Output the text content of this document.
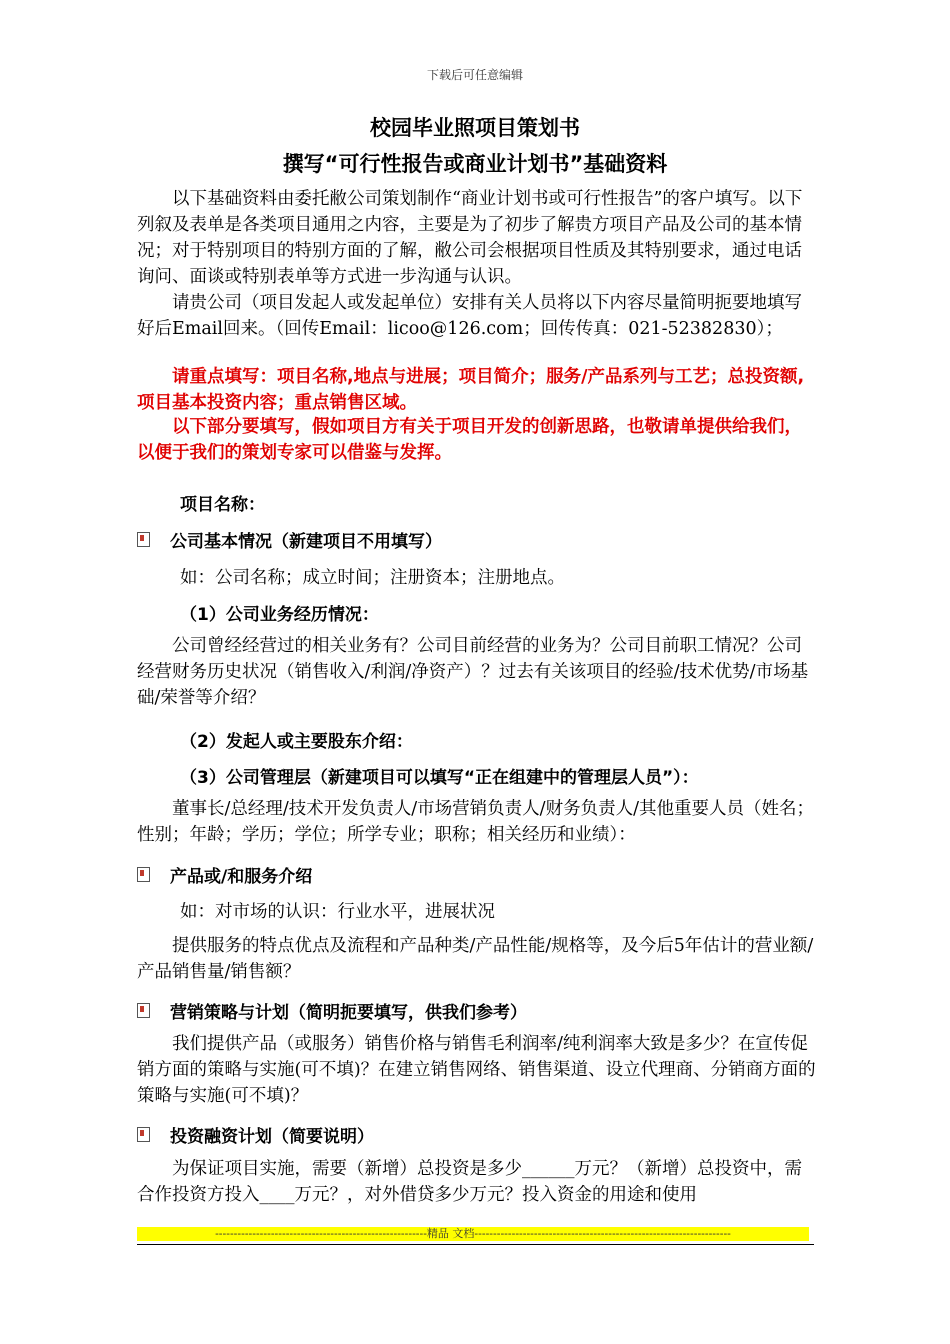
下载后可任意编辑
校园毕业照项目策划书
撰写“可行性报告或商业计划书”基础资料
以下基础资料由委托敝公司策划制作“商业计划书或可行性报告”的客户填写。以下列叙及表单是各类项目通用之内容，主要是为了初步了解贵方项目产品及公司的基本情况；对于特别项目的特别方面的了解，敝公司会根据项目性质及其特别要求，通过电话询问、面谈或特别表单等方式进一步沟通与认识。
请贵公司（项目发起人或发起单位）安排有关人员将以下内容尽量简明扼要地填写好后Email回来。（回传Email：licoo@126.com；回传传真：021-52382830）；
请重点填写：项目名称,地点与进展；项目简介；服务/产品系列与工艺；总投资额,项目基本投资内容；重点销售区域。
以下部分要填写，假如项目方有关于项目开发的创新思路，也敬请单提供给我们，以便于我们的策划专家可以借鉴与发挥。
项目名称：
公司基本情况（新建项目不用填写）
如：公司名称；成立时间；注册资本；注册地点。
（1）公司业务经历情况：
公司曾经经营过的相关业务有？公司目前经营的业务为？公司目前职工情况？公司经营财务历史状况（销售收入/利润/净资产）？过去有关该项目的经验/技术优势/市场基础/荣誉等介绍？
（2）发起人或主要股东介绍：
（3）公司管理层（新建项目可以填写“正在组建中的管理层人员”）：
董事长/总经理/技术开发负责人/市场营销负责人/财务负责人/其他重要人员（姓名；性别；年龄；学历；学位；所学专业；职称；相关经历和业绩）：
产品或/和服务介绍
如：对市场的认识：行业水平，进展状况
提供服务的特点优点及流程和产品种类/产品性能/规格等，及今后5年估计的营业额/产品销售量/销售额？
营销策略与计划（简明扼要填写，供我们参考）
我们提供产品（或服务）销售价格与销售毛利润率/纯利润率大致是多少？在宣传促销方面的策略与实施(可不填)？在建立销售网络、销售渠道、设立代理商、分销商方面的策略与实施(可不填)？
投资融资计划（简要说明）
为保证项目实施，需要（新增）总投资是多少______万元？（新增）总投资中，需合作投资方投入____万元？，对外借贷多少万元？投入资金的用途和使用
---------------------------------------------------------精品 文档---------------------------------------------------------------------
